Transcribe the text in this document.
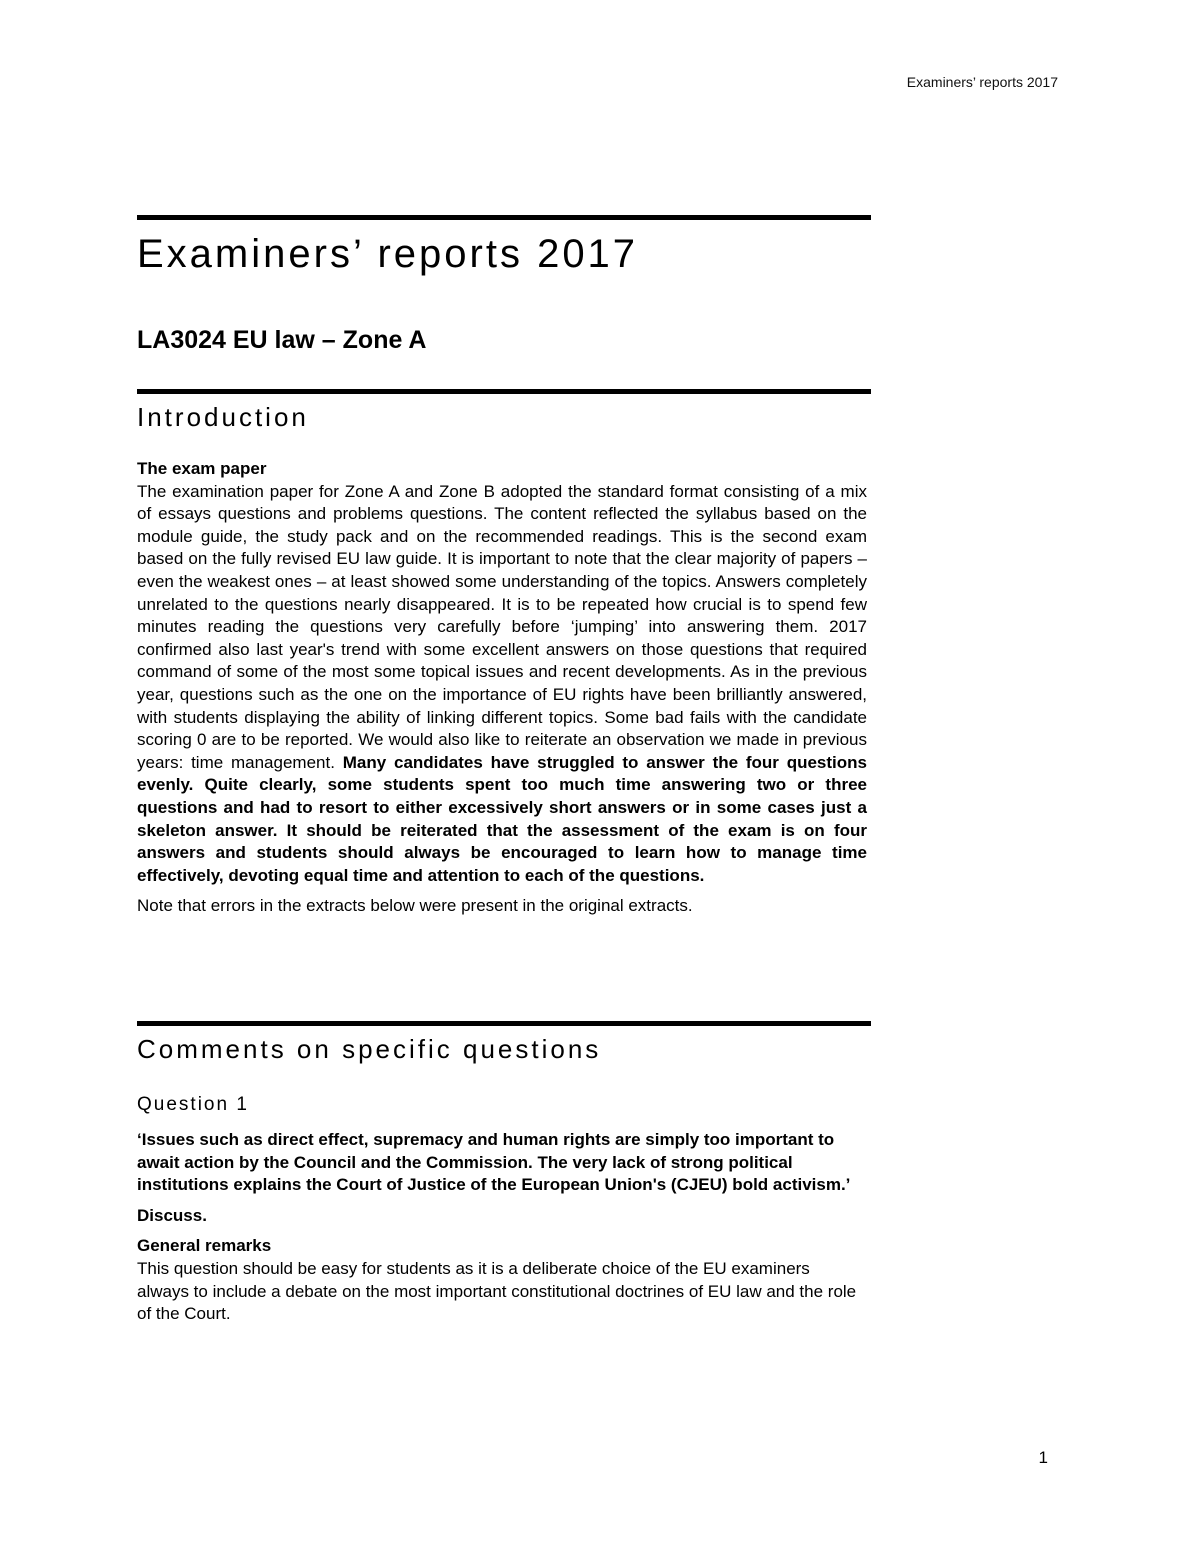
Examiners’ reports 2017
Examiners’ reports 2017
LA3024 EU law – Zone A
Introduction
The exam paper
The examination paper for Zone A and Zone B adopted the standard format consisting of a mix of essays questions and problems questions. The content reflected the syllabus based on the module guide, the study pack and on the recommended readings. This is the second exam based on the fully revised EU law guide. It is important to note that the clear majority of papers – even the weakest ones – at least showed some understanding of the topics. Answers completely unrelated to the questions nearly disappeared. It is to be repeated how crucial is to spend few minutes reading the questions very carefully before ‘jumping’ into answering them. 2017 confirmed also last year's trend with some excellent answers on those questions that required command of some of the most some topical issues and recent developments. As in the previous year, questions such as the one on the importance of EU rights have been brilliantly answered, with students displaying the ability of linking different topics. Some bad fails with the candidate scoring 0 are to be reported. We would also like to reiterate an observation we made in previous years: time management. Many candidates have struggled to answer the four questions evenly. Quite clearly, some students spent too much time answering two or three questions and had to resort to either excessively short answers or in some cases just a skeleton answer. It should be reiterated that the assessment of the exam is on four answers and students should always be encouraged to learn how to manage time effectively, devoting equal time and attention to each of the questions.
Note that errors in the extracts below were present in the original extracts.
Comments on specific questions
Question 1

‘Issues such as direct effect, supremacy and human rights are simply too important to await action by the Council and the Commission. The very lack of strong political institutions explains the Court of Justice of the European Union's (CJEU) bold activism.’

Discuss.
General remarks
This question should be easy for students as it is a deliberate choice of the EU examiners always to include a debate on the most important constitutional doctrines of EU law and the role of the Court.
1
